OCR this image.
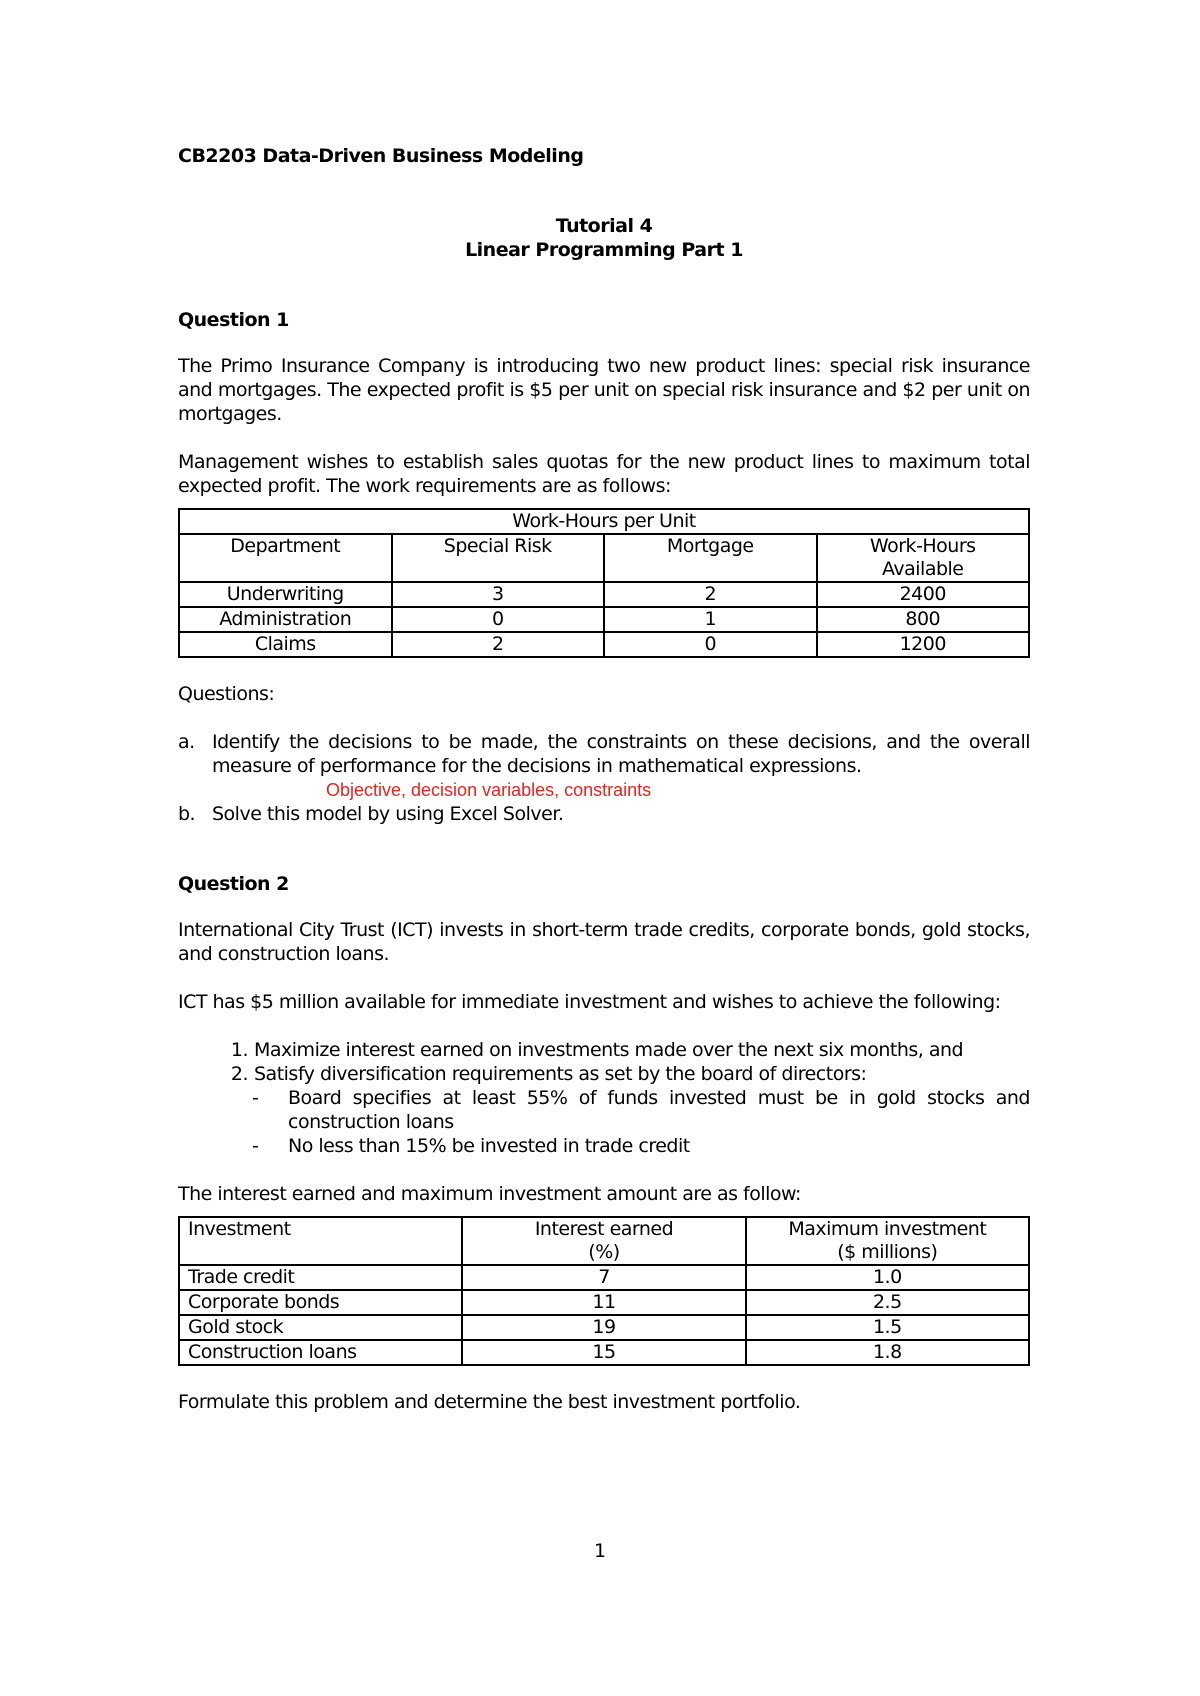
CB2203 Data-Driven Business Modeling
Tutorial 4
Linear Programming Part 1
Question 1

The Primo Insurance Company is introducing two new product lines: special risk insurance and mortgages. The expected profit is $5 per unit on special risk insurance and $2 per unit on mortgages.

Management wishes to establish sales quotas for the new product lines to maximum total expected profit. The work requirements are as follows:

Work-Hours per Unit			
Department	Special Risk	Mortgage	Work-Hours Available
Underwriting	3	2	2400
Administration	0	1	800
Claims	2	0	1200

Questions:

a. Identify the decisions to be made, the constraints on these decisions, and the overall measure of performance for the decisions in mathematical expressions.
Objective, decision variables, constraints
b. Solve this model by using Excel Solver.
Question 2

International City Trust (ICT) invests in short-term trade credits, corporate bonds, gold stocks, and construction loans.

ICT has $5 million available for immediate investment and wishes to achieve the following:

1. Maximize interest earned on investments made over the next six months, and
2. Satisfy diversification requirements as set by the board of directors:
-	Board specifies at least 55% of funds invested must be in gold stocks and construction loans
-	No less than 15% be invested in trade credit

The interest earned and maximum investment amount are as follow:

Investment	Interest earned (%)	Maximum investment ($ millions)
Trade credit	7	1.0
Corporate bonds	11	2.5
Gold stock	19	1.5
Construction loans	15	1.8

Formulate this problem and determine the best investment portfolio.

1
